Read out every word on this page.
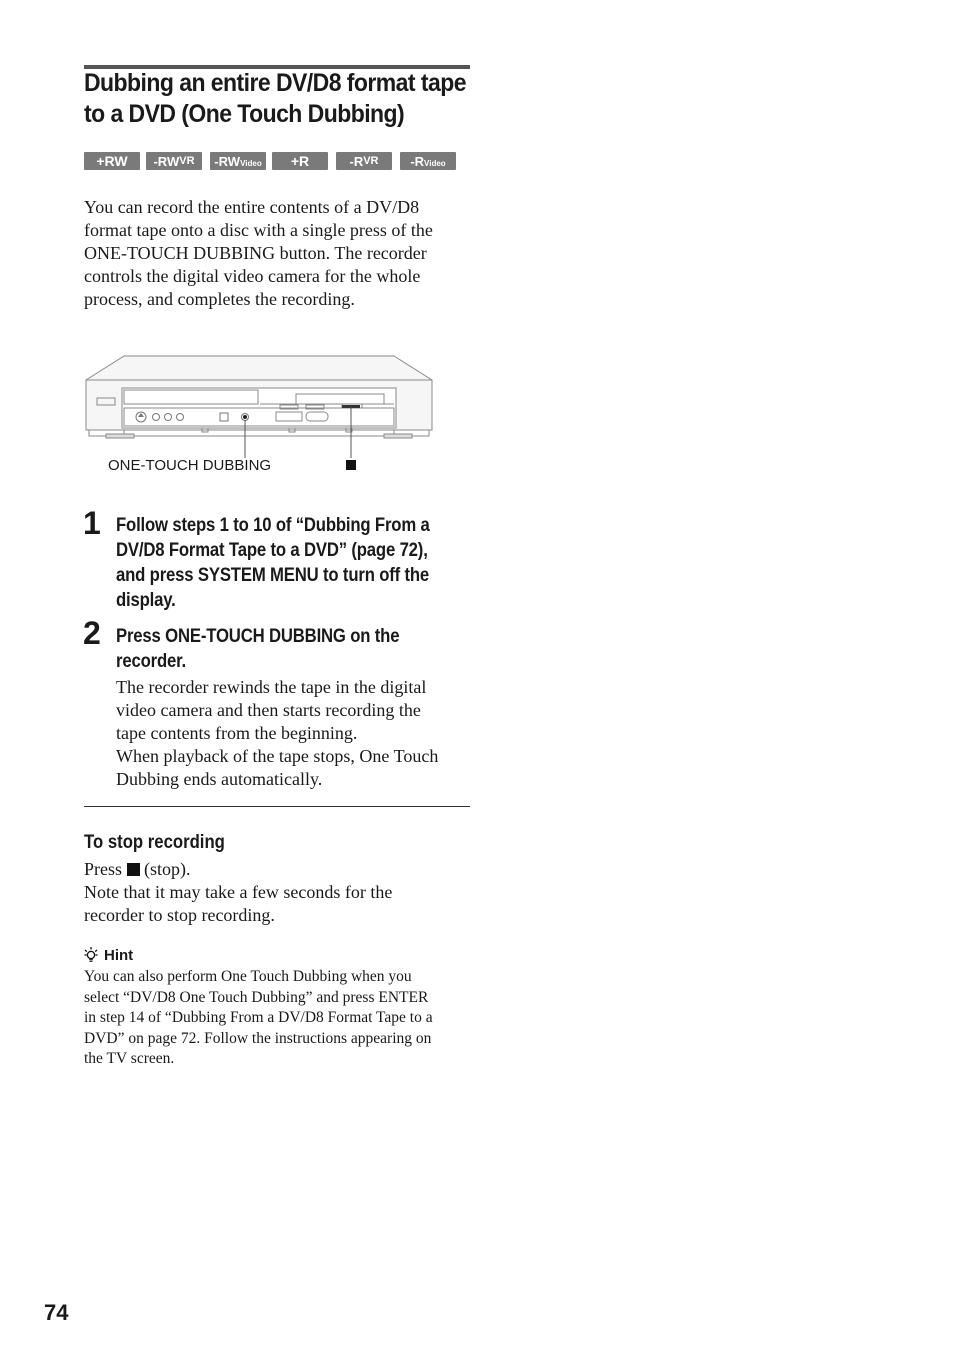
Dubbing an entire DV/D8 format tape
to a DVD (One Touch Dubbing)
+RW -RW VR -RW Video +R	-R VR -R Video
You can record the entire contents of a DV/D8
format tape onto a disc with a single press of the
ONE-TOUCH DUBBING button. The recorder
controls the digital video camera for the whole
process, and completes the recording.
ONE-TOUCH DUBBING
1 Follow steps 1 to 10 of “Dubbing From a
DV/D8 Format Tape to a DVD” (page 72),
and press SYSTEM MENU to turn off the
display.
2 Press ONE-TOUCH DUBBING on the
recorder.
The recorder rewinds the tape in the digital
video camera and then starts recording the
tape contents from the beginning.
When playback of the tape stops, One Touch
Dubbing ends automatically.
To stop recording
Press (stop).
Note that it may take a few seconds for the
recorder to stop recording.
Hint
You can also perform One Touch Dubbing when you
select “DV/D8 One Touch Dubbing” and press ENTER
in step 14 of “Dubbing From a DV/D8 Format Tape to a
DVD” on page 72. Follow the instructions appearing on
the TV screen.
74
